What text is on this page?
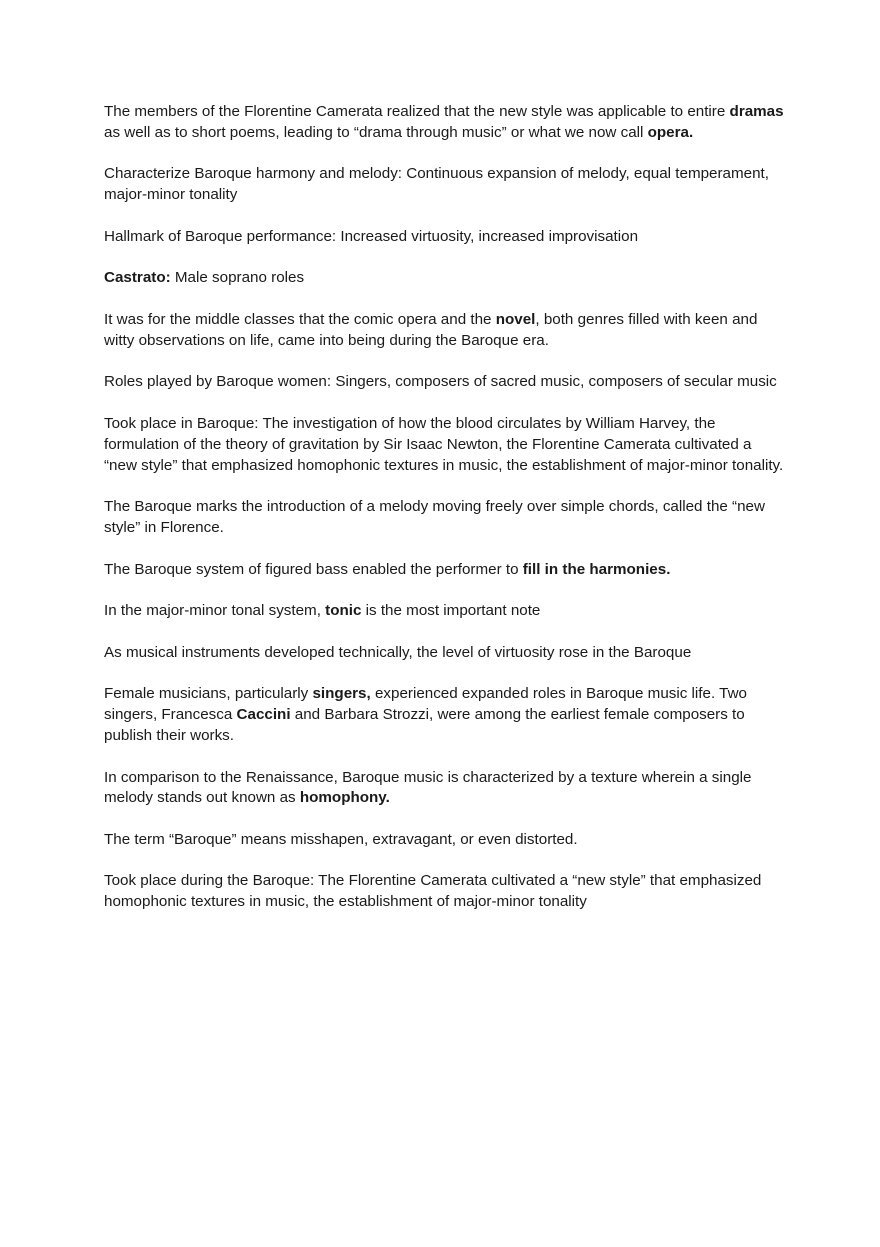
The members of the Florentine Camerata realized that the new style was applicable to entire dramas as well as to short poems, leading to “drama through music” or what we now call opera.

Characterize Baroque harmony and melody: Continuous expansion of melody, equal temperament, major-minor tonality

Hallmark of Baroque performance: Increased virtuosity, increased improvisation

Castrato: Male soprano roles

It was for the middle classes that the comic opera and the novel, both genres filled with keen and witty observations on life, came into being during the Baroque era.

Roles played by Baroque women: Singers, composers of sacred music, composers of secular music

Took place in Baroque: The investigation of how the blood circulates by William Harvey, the formulation of the theory of gravitation by Sir Isaac Newton, the Florentine Camerata cultivated a “new style” that emphasized homophonic textures in music, the establishment of major-minor tonality.

The Baroque marks the introduction of a melody moving freely over simple chords, called the “new style” in Florence.

The Baroque system of figured bass enabled the performer to fill in the harmonies.

In the major-minor tonal system, tonic is the most important note

As musical instruments developed technically, the level of virtuosity rose in the Baroque

Female musicians, particularly singers, experienced expanded roles in Baroque music life. Two singers, Francesca Caccini and Barbara Strozzi, were among the earliest female composers to publish their works.

In comparison to the Renaissance, Baroque music is characterized by a texture wherein a single melody stands out known as homophony.

The term “Baroque” means misshapen, extravagant, or even distorted.

Took place during the Baroque: The Florentine Camerata cultivated a “new style” that emphasized homophonic textures in music, the establishment of major-minor tonality
